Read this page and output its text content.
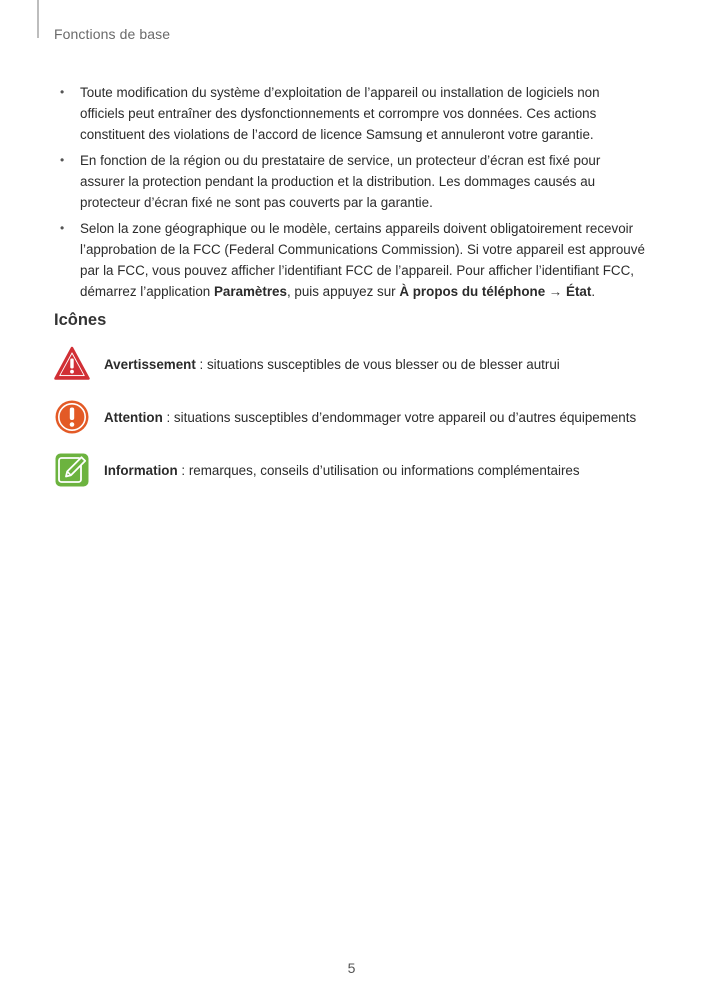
Fonctions de base
• Toute modification du système d’exploitation de l’appareil ou installation de logiciels non officiels peut entraîner des dysfonctionnements et corrompre vos données. Ces actions constituent des violations de l’accord de licence Samsung et annuleront votre garantie.
• En fonction de la région ou du prestataire de service, un protecteur d’écran est fixé pour assurer la protection pendant la production et la distribution. Les dommages causés au protecteur d’écran fixé ne sont pas couverts par la garantie.
• Selon la zone géographique ou le modèle, certains appareils doivent obligatoirement recevoir l’approbation de la FCC (Federal Communications Commission). Si votre appareil est approuvé par la FCC, vous pouvez afficher l’identifiant FCC de l’appareil. Pour afficher l’identifiant FCC, démarrez l’application Paramètres, puis appuyez sur À propos du téléphone → État.
Icônes
Avertissement : situations susceptibles de vous blesser ou de blesser autrui
Attention : situations susceptibles d’endommager votre appareil ou d’autres équipements
Information : remarques, conseils d’utilisation ou informations complémentaires
5
